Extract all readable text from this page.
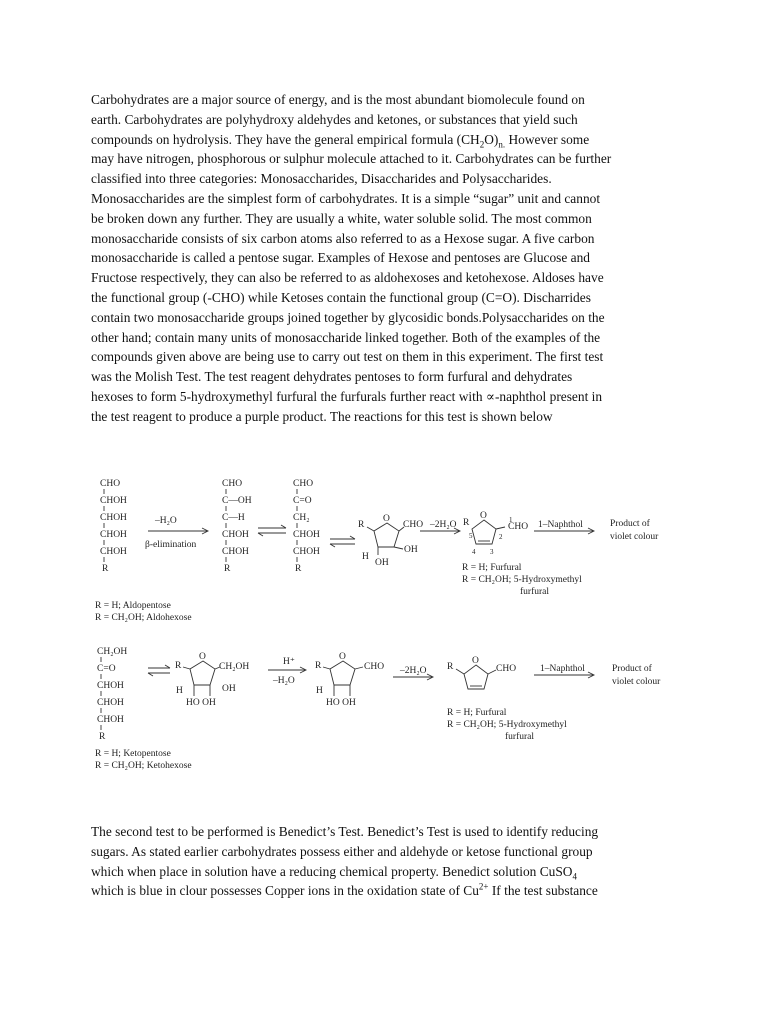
Carbohydrates are a major source of energy, and is the most abundant biomolecule found on
earth. Carbohydrates are polyhydroxy aldehydes and ketones, or substances that yield such
compounds on hydrolysis. They have the general empirical formula $(CH_2O)_{n.}$ However some
may have nitrogen, phosphorous or sulphur molecule attached to it. Carbohydrates can be further
classified into three categories: Monosaccharides, Disaccharides and Polysaccharides.
Monosaccharides are the simplest form of carbohydrates. It is a simple “sugar” unit and cannot
be broken down any further. They are usually a white, water soluble solid. The most common
monosaccharide consists of six carbon atoms also referred to as a Hexose sugar. A five carbon
monosaccharide is called a pentose sugar. Examples of Hexose and pentoses are Glucose and
Fructose respectively, they can also be referred to as aldohexoses and ketohexose. Aldoses have
the functional group (-CHO) while Ketoses contain the functional group (C=O). Discharrides
contain two monosaccharide groups joined together by glycosidic bonds.Polysaccharides on the
other hand; contain many units of monosaccharide linked together. Both of the examples of the
compounds given above are being use to carry out test on them in this experiment. The first test
was the Molish Test. The test reagent dehydrates pentoses to form furfural and dehydrates
hexoses to form 5-hydroxymethyl furfural the furfurals further react with ∝-naphthol present in
the test reagent to produce a purple product. The reactions for this test is shown below
CHO
CHOH
CHOH
CHOH
CHOH
R
–H₂O
β-elimination
CHO
C—OH
C—H
CHOH
CHOH
R
CHO
C=O
CH₂
CHOH
CHOH
R
O
R	CHO
H
OH
OH
–2H₂O
O
R
5
4 3
2
1
CHO 1–Naphthol	Product of
violet colour
R = H; Furfural
R = CH₂OH; 5-Hydroxymethyl
furfural
R = H; Aldopentose
R = CH₂OH; Aldohexose
CH₂OH
C=O
CHOH
CHOH
CHOH
R
O
R	CH₂OH
H	OH
HO OH
H⁺
–H₂O
O
R	CHO
H
HO OH
–2H₂O
O
R	CHO	1–Naphthol	Product of
violet colour
R = H; Furfural
R = CH₂OH; 5-Hydroxymethyl
furfural
R = H; Ketopentose
R = CH₂OH; Ketohexose
The second test to be performed is Benedict’s Test. Benedict’s Test is used to identify reducing
sugars. As stated earlier carbohydrates possess either and aldehyde or ketose functional group
which when place in solution have a reducing chemical property. Benedict solution CuSO$_4$
which is blue in clour possesses Copper ions in the oxidation state of $Cu^{2+}$ If the test substance
